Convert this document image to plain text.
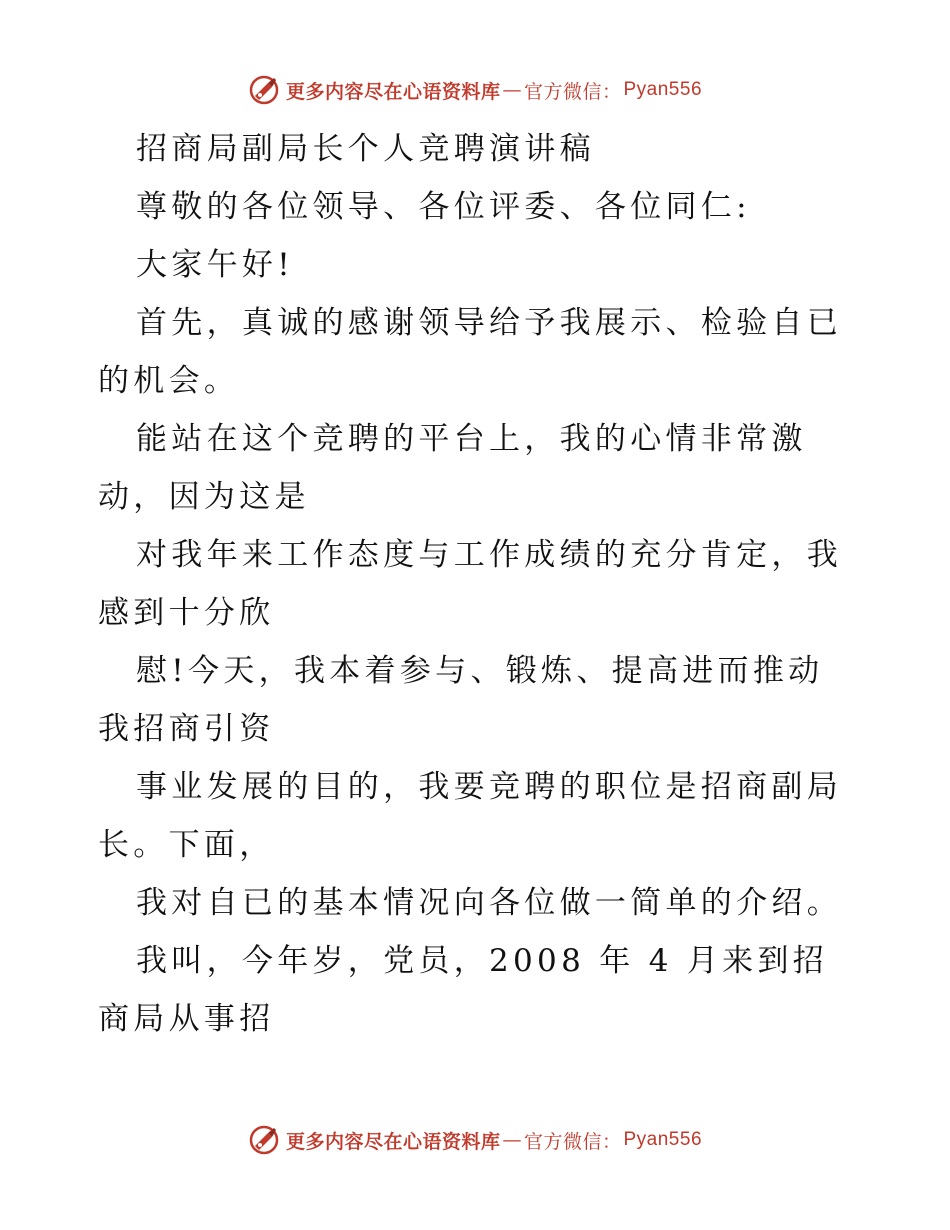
更多内容尽在心语资料库 — 官方微信： Pyan556

招商局副局长个人竞聘演讲稿

尊敬的各位领导、各位评委、各位同仁:

大家午好!

首先，真诚的感谢领导给予我展示、检验自已的机会。

能站在这个竞聘的平台上，我的心情非常激动，因为这是

对我年来工作态度与工作成绩的充分肯定，我感到十分欣

慰!今天，我本着参与、锻炼、提高进而推动我招商引资

事业发展的目的，我要竞聘的职位是招商副局长。下面，

我对自已的基本情况向各位做一简单的介绍。

我叫，今年岁，党员，2008 年 4 月来到招商局从事招

更多内容尽在心语资料库 — 官方微信： Pyan556
